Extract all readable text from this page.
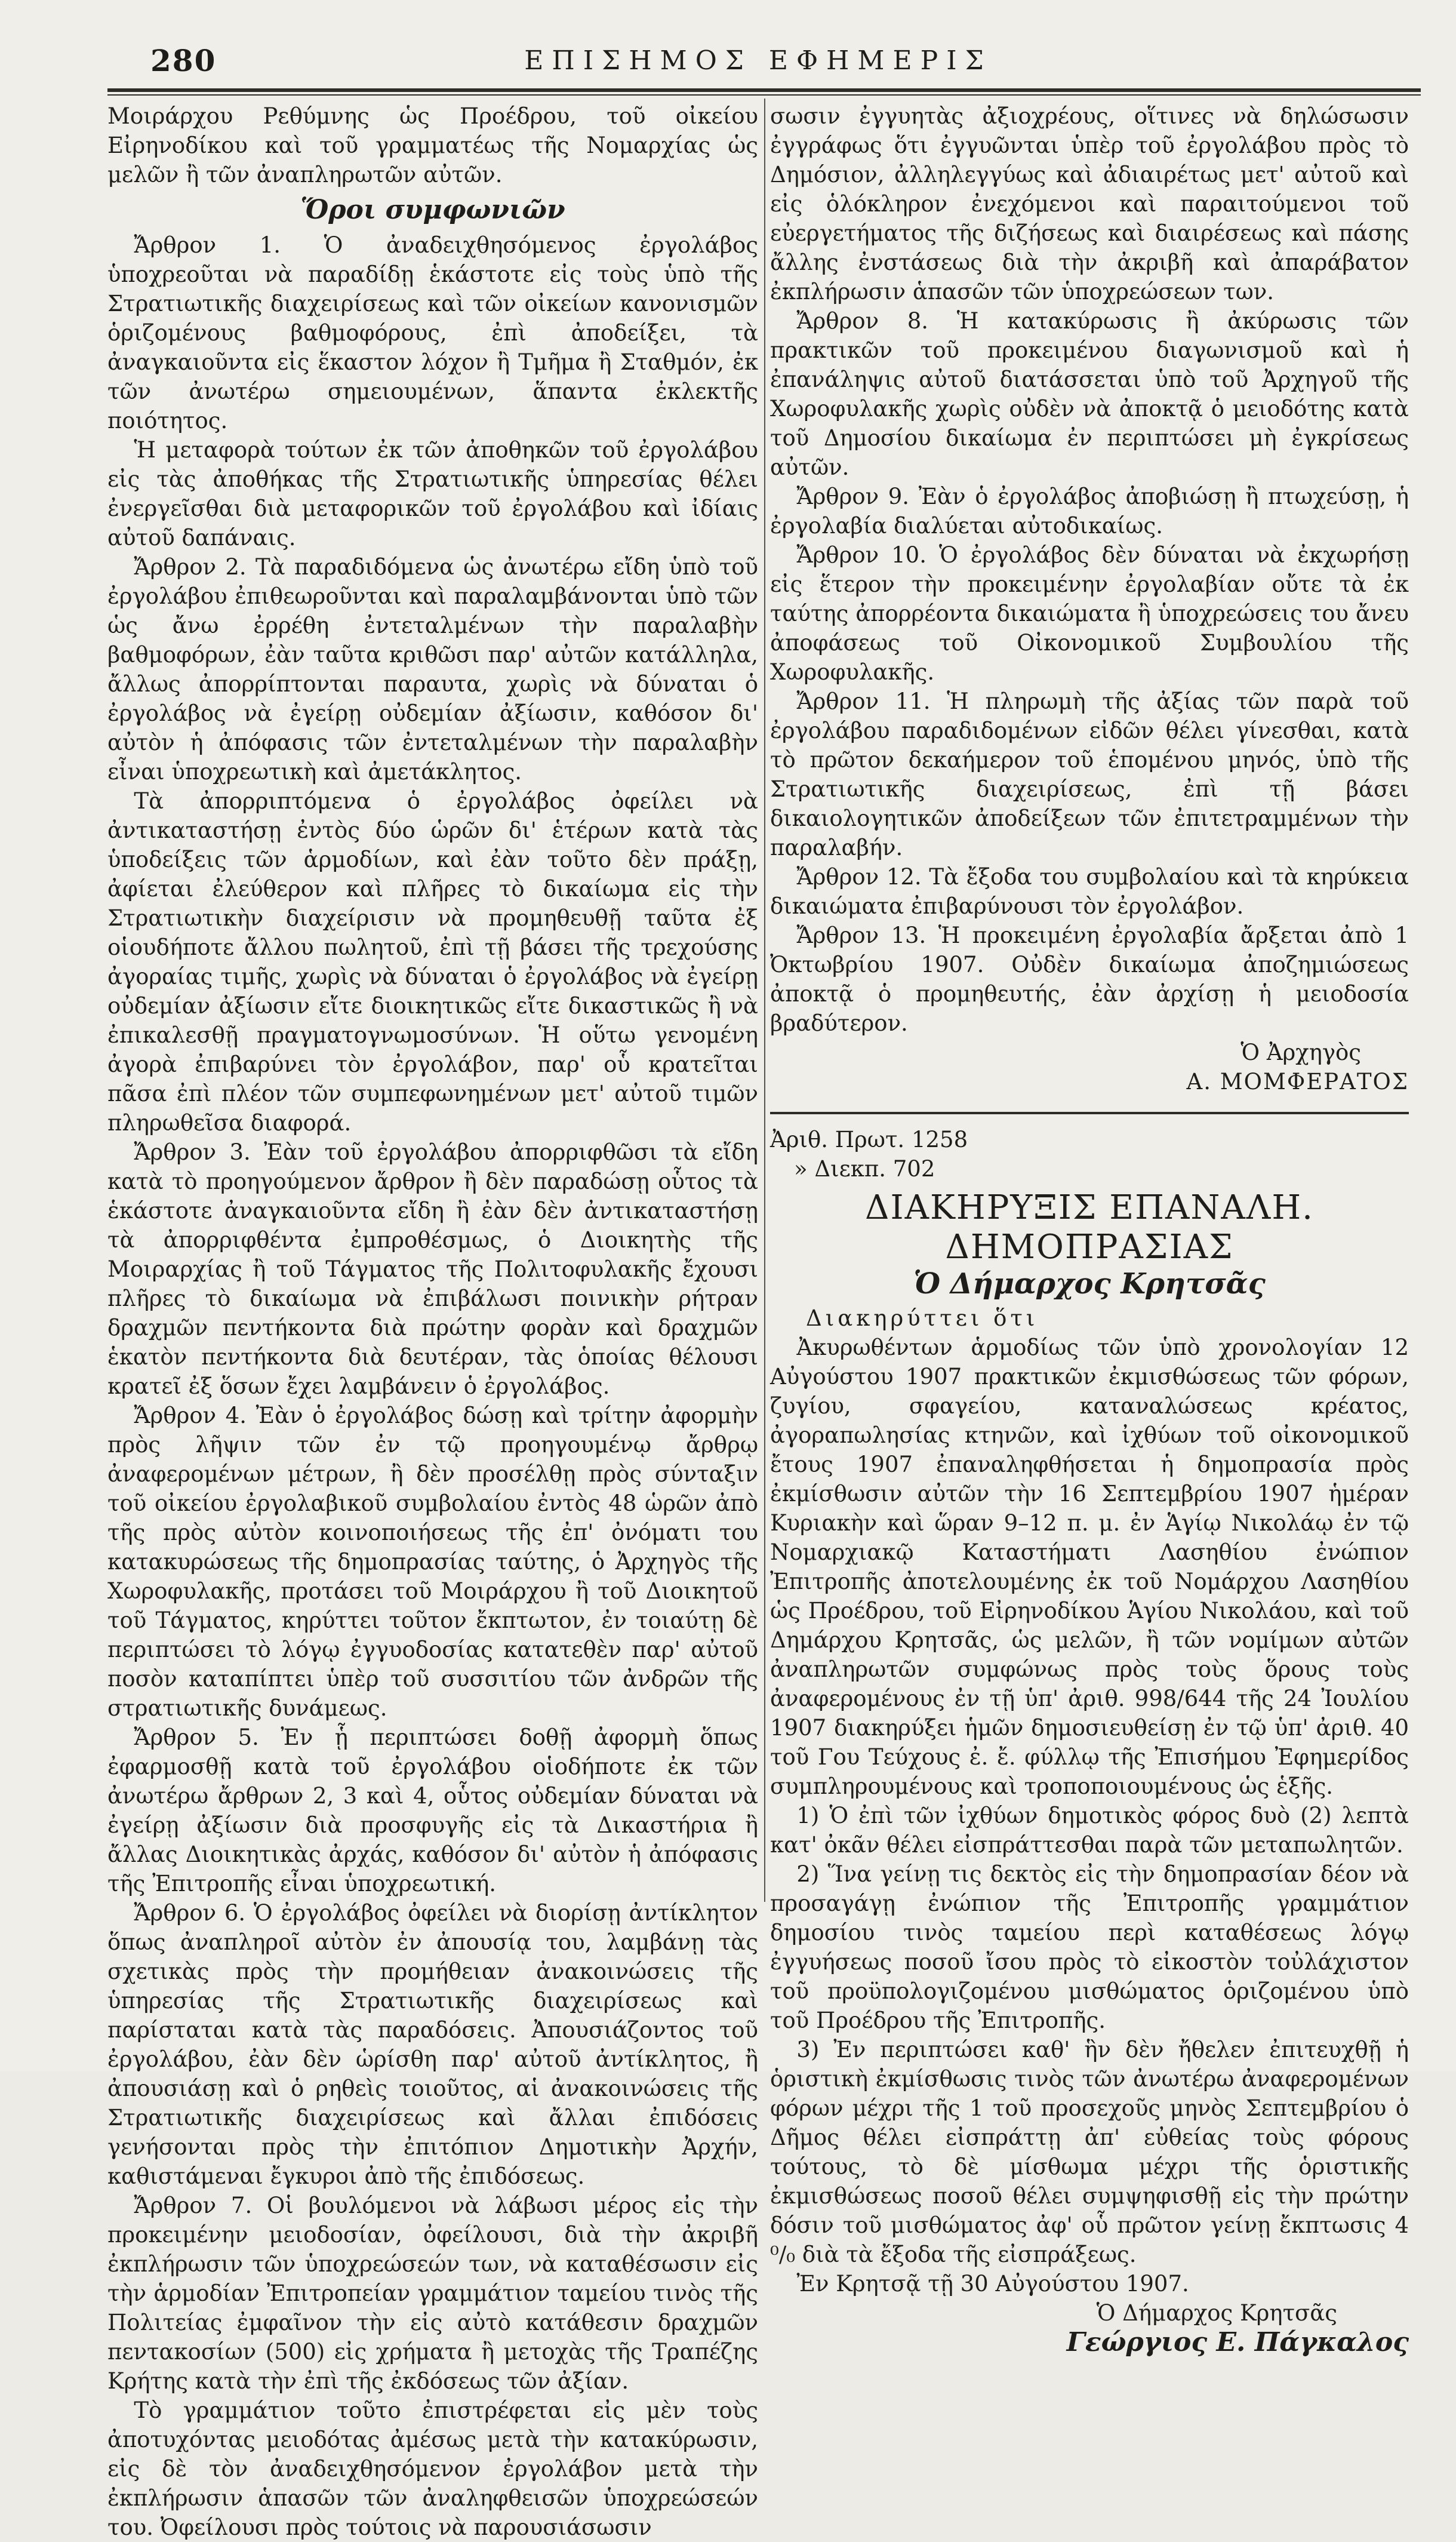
280	ΕΠΙΣΗΜΟΣ ΕΦΗΜΕΡΙΣ

Μοιράρχου Ρεθύμνης ὡς Προέδρου, τοῦ οἰκείου Εἰρηνοδίκου καὶ τοῦ γραμματέως τῆς Νομαρχίας ὡς μελῶν ἢ τῶν ἀναπληρωτῶν αὐτῶν.

Ὅροι συμφωνιῶν

Ἄρθρον 1. Ὁ ἀναδειχθησόμενος ἐργολάβος ὑποχρεοῦται νὰ παραδίδῃ ἑκάστοτε εἰς τοὺς ὑπὸ τῆς Στρατιωτικῆς διαχειρίσεως καὶ τῶν οἰκείων κανονισμῶν ὁριζομένους βαθμοφόρους, ἐπὶ ἀποδείξει, τὰ ἀναγκαιοῦντα εἰς ἕκαστον λόχον ἢ Τμῆμα ἢ Σταθμόν, ἐκ τῶν ἀνωτέρω σημειουμένων, ἅπαντα ἐκλεκτῆς ποιότητος.

Ἡ μεταφορὰ τούτων ἐκ τῶν ἀποθηκῶν τοῦ ἐργολάβου εἰς τὰς ἀποθήκας τῆς Στρατιωτικῆς ὑπηρεσίας θέλει ἐνεργεῖσθαι διὰ μεταφορικῶν τοῦ ἐργολάβου καὶ ἰδίαις αὐτοῦ δαπάναις.

Ἄρθρον 2. Τὰ παραδιδόμενα ὡς ἀνωτέρω εἴδη ὑπὸ τοῦ ἐργολάβου ἐπιθεωροῦνται καὶ παραλαμβάνονται ὑπὸ τῶν ὡς ἄνω ἐρρέθη ἐντεταλμένων τὴν παραλαβὴν βαθμοφόρων, ἐὰν ταῦτα κριθῶσι παρ' αὐτῶν κατάλληλα, ἄλλως ἀπορρίπτονται παραυτα, χωρὶς νὰ δύναται ὁ ἐργολάβος νὰ ἐγείρῃ οὐδεμίαν ἀξίωσιν, καθόσον δι' αὐτὸν ἡ ἀπόφασις τῶν ἐντεταλμένων τὴν παραλαβὴν εἶναι ὑποχρεωτικὴ καὶ ἀμετάκλητος.

Τὰ ἀπορριπτόμενα ὁ ἐργολάβος ὀφείλει νὰ ἀντικαταστήσῃ ἐντὸς δύο ὡρῶν δι' ἑτέρων κατὰ τὰς ὑποδείξεις τῶν ἁρμοδίων, καὶ ἐὰν τοῦτο δὲν πράξῃ, ἀφίεται ἐλεύθερον καὶ πλῆρες τὸ δικαίωμα εἰς τὴν Στρατιωτικὴν διαχείρισιν νὰ προμηθευθῇ ταῦτα ἐξ οἱουδήποτε ἄλλου πωλητοῦ, ἐπὶ τῇ βάσει τῆς τρεχούσης ἀγοραίας τιμῆς, χωρὶς νὰ δύναται ὁ ἐργολάβος νὰ ἐγείρῃ οὐδεμίαν ἀξίωσιν εἴτε διοικητικῶς εἴτε δικαστικῶς ἢ νὰ ἐπικαλεσθῇ πραγματογνωμοσύνων. Ἡ οὕτω γενομένη ἀγορὰ ἐπιβαρύνει τὸν ἐργολάβον, παρ' οὗ κρατεῖται πᾶσα ἐπὶ πλέον τῶν συμπεφωνημένων μετ' αὐτοῦ τιμῶν πληρωθεῖσα διαφορά.

Ἄρθρον 3. Ἐὰν τοῦ ἐργολάβου ἀπορριφθῶσι τὰ εἴδη κατὰ τὸ προηγούμενον ἄρθρον ἢ δὲν παραδώσῃ οὗτος τὰ ἑκάστοτε ἀναγκαιοῦντα εἴδη ἢ ἐὰν δὲν ἀντικαταστήσῃ τὰ ἀπορριφθέντα ἐμπροθέσμως, ὁ Διοικητὴς τῆς Μοιραρχίας ἢ τοῦ Τάγματος τῆς Πολιτοφυλακῆς ἔχουσι πλῆρες τὸ δικαίωμα νὰ ἐπιβάλωσι ποινικὴν ρήτραν δραχμῶν πεντήκοντα διὰ πρώτην φορὰν καὶ δραχμῶν ἑκατὸν πεντήκοντα διὰ δευτέραν, τὰς ὁποίας θέλουσι κρατεῖ ἐξ ὅσων ἔχει λαμβάνειν ὁ ἐργολάβος.

Ἄρθρον 4. Ἐὰν ὁ ἐργολάβος δώσῃ καὶ τρίτην ἀφορμὴν πρὸς λῆψιν τῶν ἐν τῷ προηγουμένῳ ἄρθρῳ ἀναφερομένων μέτρων, ἢ δὲν προσέλθῃ πρὸς σύνταξιν τοῦ οἰκείου ἐργολαβικοῦ συμβολαίου ἐντὸς 48 ὡρῶν ἀπὸ τῆς πρὸς αὐτὸν κοινοποιήσεως τῆς ἐπ' ὀνόματι του κατακυρώσεως τῆς δημοπρασίας ταύτης, ὁ Ἀρχηγὸς τῆς Χωροφυλακῆς, προτάσει τοῦ Μοιράρχου ἢ τοῦ Διοικητοῦ τοῦ Τάγματος, κηρύττει τοῦτον ἔκπτωτον, ἐν τοιαύτῃ δὲ περιπτώσει τὸ λόγῳ ἐγγυοδοσίας κατατεθὲν παρ' αὐτοῦ ποσὸν καταπίπτει ὑπὲρ τοῦ συσσιτίου τῶν ἀνδρῶν τῆς στρατιωτικῆς δυνάμεως.

Ἄρθρον 5. Ἐν ᾗ περιπτώσει δοθῇ ἀφορμὴ ὅπως ἐφαρμοσθῇ κατὰ τοῦ ἐργολάβου οἱοδήποτε ἐκ τῶν ἀνωτέρω ἄρθρων 2, 3 καὶ 4, οὗτος οὐδεμίαν δύναται νὰ ἐγείρῃ ἀξίωσιν διὰ προσφυγῆς εἰς τὰ Δικαστήρια ἢ ἄλλας Διοικητικὰς ἀρχάς, καθόσον δι' αὐτὸν ἡ ἀπόφασις τῆς Ἐπιτροπῆς εἶναι ὑποχρεωτική.

Ἄρθρον 6. Ὁ ἐργολάβος ὀφείλει νὰ διορίσῃ ἀντίκλητον ὅπως ἀναπληροῖ αὐτὸν ἐν ἀπουσίᾳ του, λαμβάνῃ τὰς σχετικὰς πρὸς τὴν προμήθειαν ἀνακοινώσεις τῆς ὑπηρεσίας τῆς Στρατιωτικῆς διαχειρίσεως καὶ παρίσταται κατὰ τὰς παραδόσεις. Ἀπουσιάζοντος τοῦ ἐργολάβου, ἐὰν δὲν ὡρίσθη παρ' αὐτοῦ ἀντίκλητος, ἢ ἀπουσιάσῃ καὶ ὁ ρηθεὶς τοιοῦτος, αἱ ἀνακοινώσεις τῆς Στρατιωτικῆς διαχειρίσεως καὶ ἄλλαι ἐπιδόσεις γενήσονται πρὸς τὴν ἐπιτόπιον Δημοτικὴν Ἀρχήν, καθιστάμεναι ἔγκυροι ἀπὸ τῆς ἐπιδόσεως.

Ἄρθρον 7. Οἱ βουλόμενοι νὰ λάβωσι μέρος εἰς τὴν προκειμένην μειοδοσίαν, ὀφείλουσι, διὰ τὴν ἀκριβῆ ἐκπλήρωσιν τῶν ὑποχρεώσεών των, νὰ καταθέσωσιν εἰς τὴν ἁρμοδίαν Ἐπιτροπείαν γραμμάτιον ταμείου τινὸς τῆς Πολιτείας ἐμφαῖνον τὴν εἰς αὐτὸ κατάθεσιν δραχμῶν πεντακοσίων (500) εἰς χρήματα ἢ μετοχὰς τῆς Τραπέζης Κρήτης κατὰ τὴν ἐπὶ τῆς ἐκδόσεως τῶν ἀξίαν.

Τὸ γραμμάτιον τοῦτο ἐπιστρέφεται εἰς μὲν τοὺς ἀποτυχόντας μειοδότας ἀμέσως μετὰ τὴν κατακύρωσιν, εἰς δὲ τὸν ἀναδειχθησόμενον ἐργολάβον μετὰ τὴν ἐκπλήρωσιν ἁπασῶν τῶν ἀναληφθεισῶν ὑποχρεώσεών του. Ὀφείλουσι πρὸς τούτοις νὰ παρουσιάσωσιν

σωσιν ἐγγυητὰς ἀξιοχρέους, οἵτινες νὰ δηλώσωσιν ἐγγράφως ὅτι ἐγγυῶνται ὑπὲρ τοῦ ἐργολάβου πρὸς τὸ Δημόσιον, ἀλληλεγγύως καὶ ἀδιαιρέτως μετ' αὐτοῦ καὶ εἰς ὁλόκληρον ἐνεχόμενοι καὶ παραιτούμενοι τοῦ εὐεργετήματος τῆς διζήσεως καὶ διαιρέσεως καὶ πάσης ἄλλης ἐνστάσεως διὰ τὴν ἀκριβῆ καὶ ἀπαράβατον ἐκπλήρωσιν ἁπασῶν τῶν ὑποχρεώσεων των.

Ἄρθρον 8. Ἡ κατακύρωσις ἢ ἀκύρωσις τῶν πρακτικῶν τοῦ προκειμένου διαγωνισμοῦ καὶ ἡ ἐπανάληψις αὐτοῦ διατάσσεται ὑπὸ τοῦ Ἀρχηγοῦ τῆς Χωροφυλακῆς χωρὶς οὐδὲν νὰ ἀποκτᾷ ὁ μειοδότης κατὰ τοῦ Δημοσίου δικαίωμα ἐν περιπτώσει μὴ ἐγκρίσεως αὐτῶν.

Ἄρθρον 9. Ἐὰν ὁ ἐργολάβος ἀποβιώσῃ ἢ πτωχεύσῃ, ἡ ἐργολαβία διαλύεται αὐτοδικαίως.

Ἄρθρον 10. Ὁ ἐργολάβος δὲν δύναται νὰ ἐκχωρήσῃ εἰς ἕτερον τὴν προκειμένην ἐργολαβίαν οὔτε τὰ ἐκ ταύτης ἀπορρέοντα δικαιώματα ἢ ὑποχρεώσεις του ἄνευ ἀποφάσεως τοῦ Οἰκονομικοῦ Συμβουλίου τῆς Χωροφυλακῆς.

Ἄρθρον 11. Ἡ πληρωμὴ τῆς ἀξίας τῶν παρὰ τοῦ ἐργολάβου παραδιδομένων εἰδῶν θέλει γίνεσθαι, κατὰ τὸ πρῶτον δεκαήμερον τοῦ ἑπομένου μηνός, ὑπὸ τῆς Στρατιωτικῆς διαχειρίσεως, ἐπὶ τῇ βάσει δικαιολογητικῶν ἀποδείξεων τῶν ἐπιτετραμμένων τὴν παραλαβήν.

Ἄρθρον 12. Τὰ ἔξοδα του συμβολαίου καὶ τὰ κηρύκεια δικαιώματα ἐπιβαρύνουσι τὸν ἐργολάβον.

Ἄρθρον 13. Ἡ προκειμένη ἐργολαβία ἄρξεται ἀπὸ 1 Ὀκτωβρίου 1907. Οὐδὲν δικαίωμα ἀποζημιώσεως ἀποκτᾷ ὁ προμηθευτής, ἐὰν ἀρχίσῃ ἡ μειοδοσία βραδύτερον.

Ὁ Ἀρχηγὸς

Α. ΜΟΜΦΕΡΑΤΟΣ

Ἀριθ. Πρωτ. 1258

» Διεκπ. 702

ΔΙΑΚΗΡΥΞΙΣ ΕΠΑΝΑΛΗ. ΔΗΜΟΠΡΑΣΙΑΣ
Ὁ Δήμαρχος Κρητσᾶς

Διακηρύττει ὅτι

Ἀκυρωθέντων ἁρμοδίως τῶν ὑπὸ χρονολογίαν 12 Αὐγούστου 1907 πρακτικῶν ἐκμισθώσεως τῶν φόρων, ζυγίου, σφαγείου, καταναλώσεως κρέατος, ἀγοραπωλησίας κτηνῶν, καὶ ἰχθύων τοῦ οἰκονομικοῦ ἔτους 1907 ἐπαναληφθήσεται ἡ δημοπρασία πρὸς ἐκμίσθωσιν αὐτῶν τὴν 16 Σεπτεμβρίου 1907 ἡμέραν Κυριακὴν καὶ ὥραν 9–12 π. μ. ἐν Ἁγίῳ Νικολάῳ ἐν τῷ Νομαρχιακῷ Καταστήματι Λασηθίου ἐνώπιον Ἐπιτροπῆς ἀποτελουμένης ἐκ τοῦ Νομάρχου Λασηθίου ὡς Προέδρου, τοῦ Εἰρηνοδίκου Ἁγίου Νικολάου, καὶ τοῦ Δημάρχου Κρητσᾶς, ὡς μελῶν, ἢ τῶν νομίμων αὐτῶν ἀναπληρωτῶν συμφώνως πρὸς τοὺς ὅρους τοὺς ἀναφερομένους ἐν τῇ ὑπ' ἀριθ. 998/644 τῆς 24 Ἰουλίου 1907 διακηρύξει ἡμῶν δημοσιευθείσῃ ἐν τῷ ὑπ' ἀριθ. 40 τοῦ Γου Τεύχους ἐ. ἔ. φύλλῳ τῆς Ἐπισήμου Ἐφημερίδος συμπληρουμένους καὶ τροποποιουμένους ὡς ἑξῆς.

1) Ὁ ἐπὶ τῶν ἰχθύων δημοτικὸς φόρος δυὸ (2) λεπτὰ κατ' ὀκᾶν θέλει εἰσπράττεσθαι παρὰ τῶν μεταπωλητῶν.

2) Ἵνα γείνῃ τις δεκτὸς εἰς τὴν δημοπρασίαν δέον νὰ προσαγάγῃ ἐνώπιον τῆς Ἐπιτροπῆς γραμμάτιον δημοσίου τινὸς ταμείου περὶ καταθέσεως λόγῳ ἐγγυήσεως ποσοῦ ἴσου πρὸς τὸ εἰκοστὸν τοὐλάχιστον τοῦ προϋπολογιζομένου μισθώματος ὁριζομένου ὑπὸ τοῦ Προέδρου τῆς Ἐπιτροπῆς.

3) Ἐν περιπτώσει καθ' ἣν δὲν ἤθελεν ἐπιτευχθῇ ἡ ὁριστικὴ ἐκμίσθωσις τινὸς τῶν ἀνωτέρω ἀναφερομένων φόρων μέχρι τῆς 1 τοῦ προσεχοῦς μηνὸς Σεπτεμβρίου ὁ Δῆμος θέλει εἰσπράττῃ ἀπ' εὐθείας τοὺς φόρους τούτους, τὸ δὲ μίσθωμα μέχρι τῆς ὁριστικῆς ἐκμισθώσεως ποσοῦ θέλει συμψηφισθῇ εἰς τὴν πρώτην δόσιν τοῦ μισθώματος ἀφ' οὗ πρῶτον γείνῃ ἔκπτωσις 4 ⁰/₀ διὰ τὰ ἔξοδα τῆς εἰσπράξεως.

Ἐν Κρητσᾷ τῇ 30 Αὐγούστου 1907.

Ὁ Δήμαρχος Κρητσᾶς

Γεώργιος Ε. Πάγκαλος
